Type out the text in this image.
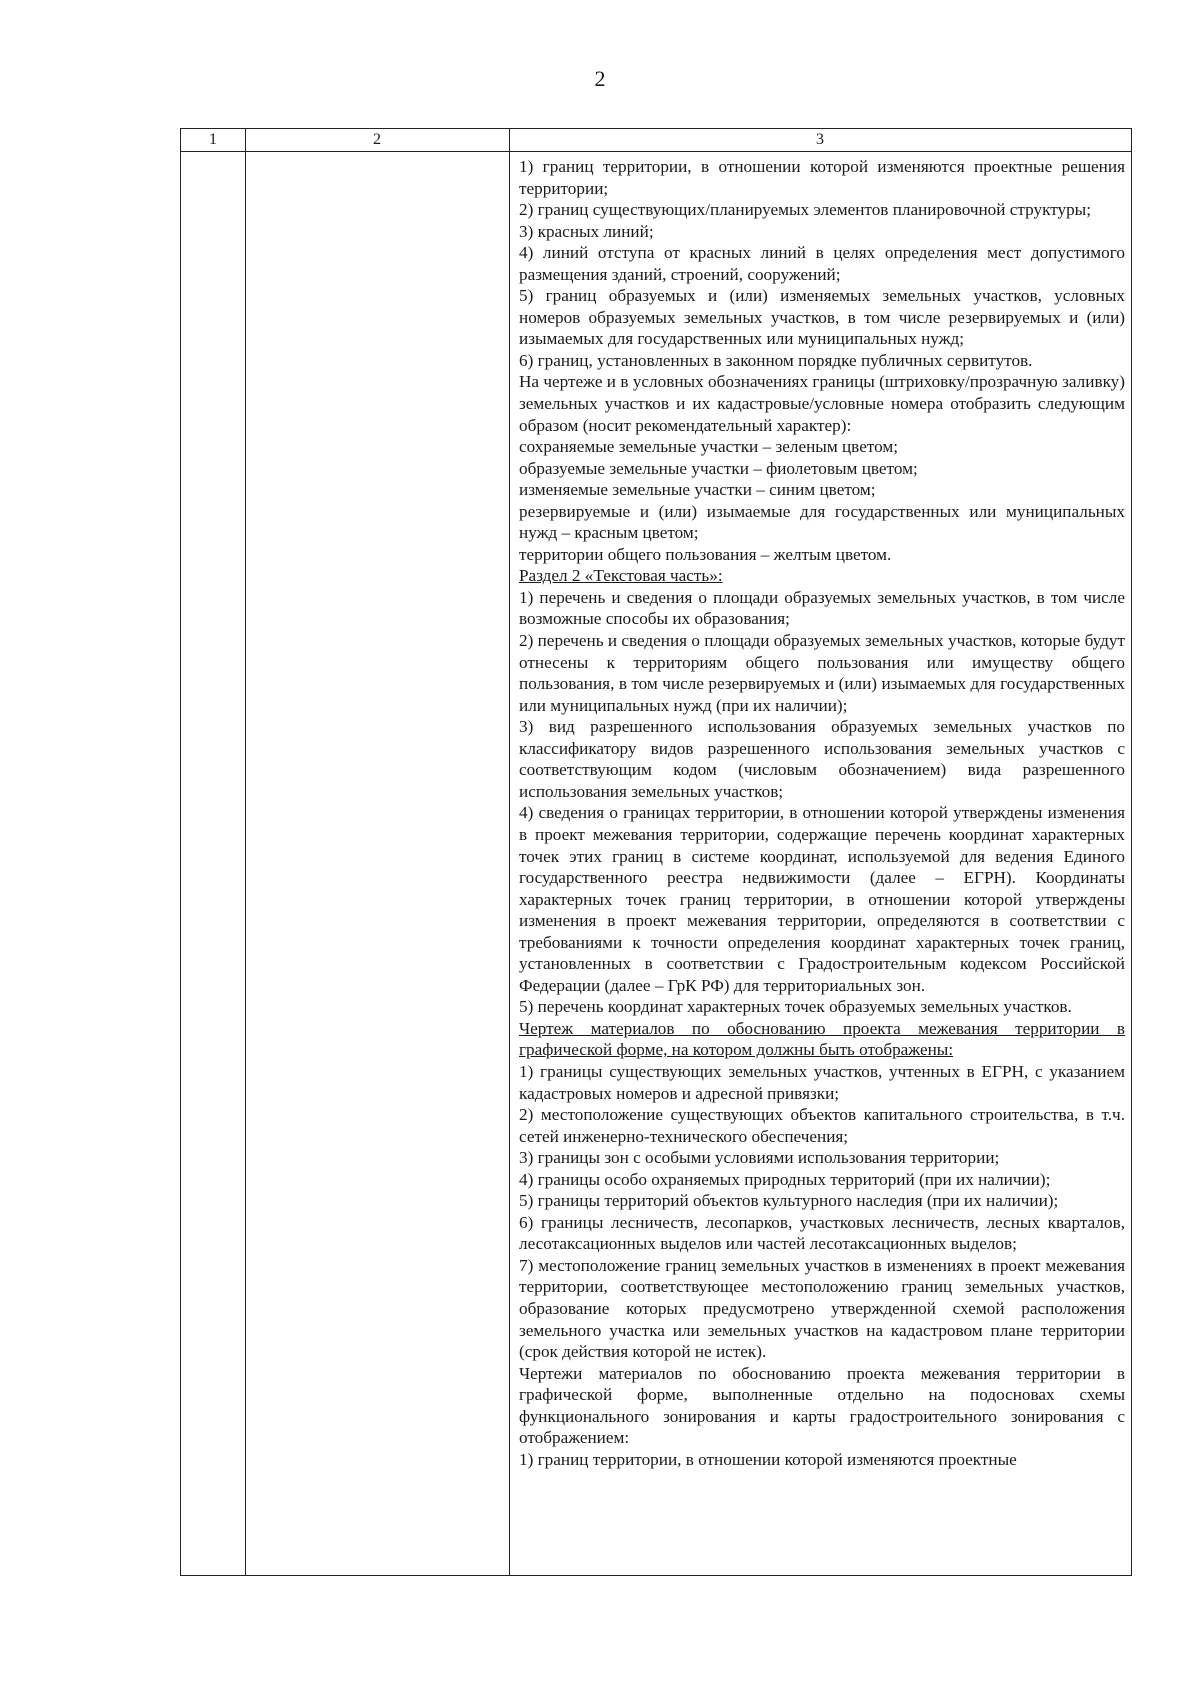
2
1	2	3

1) границ территории, в отношении которой изменяются проектные решения территории;

2) границ существующих/планируемых элементов планировочной структуры;

3) красных линий;

4) линий отступа от красных линий в целях определения мест допустимого размещения зданий, строений, сооружений;

5) границ образуемых и (или) изменяемых земельных участков, условных номеров образуемых земельных участков, в том числе резервируемых и (или) изымаемых для государственных или муниципальных нужд;

6) границ, установленных в законном порядке публичных сервитутов.

На чертеже и в условных обозначениях границы (штриховку/прозрачную заливку) земельных участков и их кадастровые/условные номера отобразить следующим образом (носит рекомендательный характер):

сохраняемые земельные участки – зеленым цветом;

образуемые земельные участки – фиолетовым цветом;

изменяемые земельные участки – синим цветом;

резервируемые и (или) изымаемые для государственных или муниципальных нужд – красным цветом;

территории общего пользования – желтым цветом.

Раздел 2 «Текстовая часть»:

1) перечень и сведения о площади образуемых земельных участков, в том числе возможные способы их образования;

2) перечень и сведения о площади образуемых земельных участков, которые будут отнесены к территориям общего пользования или имуществу общего пользования, в том числе резервируемых и (или) изымаемых для государственных или муниципальных нужд (при их наличии);

3) вид разрешенного использования образуемых земельных участков по классификатору видов разрешенного использования земельных участков с соответствующим кодом (числовым обозначением) вида разрешенного использования земельных участков;

4) сведения о границах территории, в отношении которой утверждены изменения в проект межевания территории, содержащие перечень координат характерных точек этих границ в системе координат, используемой для ведения Единого государственного реестра недвижимости (далее – ЕГРН). Координаты характерных точек границ территории, в отношении которой утверждены изменения в проект межевания территории, определяются в соответствии с требованиями к точности определения координат характерных точек границ, установленных в соответствии с Градостроительным кодексом Российской Федерации (далее – ГрК РФ) для территориальных зон.

5) перечень координат характерных точек образуемых земельных участков.

Чертеж материалов по обоснованию проекта межевания территории в графической форме, на котором должны быть отображены:

1) границы существующих земельных участков, учтенных в ЕГРН, с указанием кадастровых номеров и адресной привязки;

2) местоположение существующих объектов капитального строительства, в т.ч. сетей инженерно-технического обеспечения;

3) границы зон с особыми условиями использования территории;

4) границы особо охраняемых природных территорий (при их наличии);

5) границы территорий объектов культурного наследия (при их наличии);

6) границы лесничеств, лесопарков, участковых лесничеств, лесных кварталов, лесотаксационных выделов или частей лесотаксационных выделов;

7) местоположение границ земельных участков в изменениях в проект межевания территории, соответствующее местоположению границ земельных участков, образование которых предусмотрено утвержденной схемой расположения земельного участка или земельных участков на кадастровом плане территории (срок действия которой не истек).

Чертежи материалов по обоснованию проекта межевания территории в графической форме, выполненные отдельно на подосновах схемы функционального зонирования и карты градостроительного зонирования с отображением:

1) границ территории, в отношении которой изменяются проектные
